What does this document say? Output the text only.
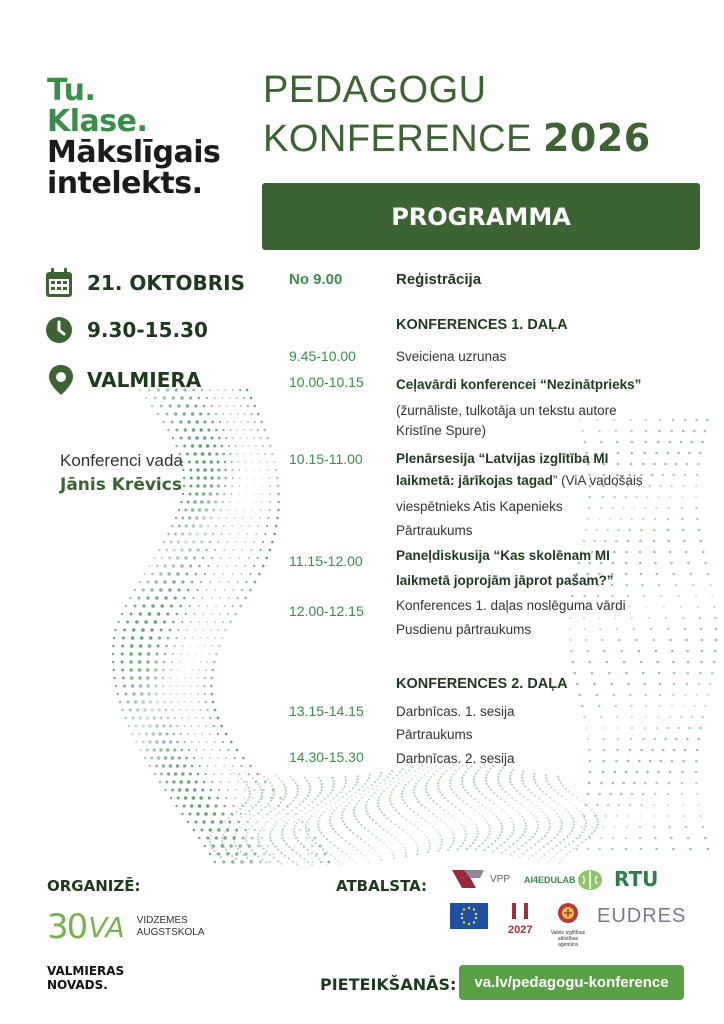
Tu.
Klase.
Mākslīgais
intelekts.
PEDAGOGU
KONFERENCE 2026
PROGRAMMA
21. OKTOBRIS
9.30-15.30
VALMIERA
Konferenci vada
Jānis Krēvics
No 9.00	Reģistrācija
KONFERENCES 1. DAĻA
9.45-10.00	Sveiciena uzrunas
10.00-10.15 Ceļavārdi konferencei “Nezinātprieks”
(žurnāliste, tulkotāja un tekstu autore
Kristīne Spure)
10.15-11.00 Plenārsesija “Latvijas izglītība MI
laikmetā: jārīkojas tagad” (ViA vadošais
viespētnieks Atis Kapenieks
Pārtraukums
11.15-12.00 Paneļdiskusija “Kas skolēnam MI
laikmetā joprojām jāprot pašam?”
12.00-12.15 Konferences 1. daļas noslēguma vārdi
Pusdienu pārtraukums
KONFERENCES 2. DAĻA
13.15-14.15 Darbnīcas. 1. sesija
Pārtraukums
14.30-15.30 Darbnīcas. 2. sesija
ORGANIZĒ:
30 VA VIDZEMES
AUGSTSKOLA
VALMIERAS
NOVADS.
ATBALSTA:	VPP AI4EDULAB RTU
2027	Valsts izglītības
attīstības aģentūra
EUDRES
PIETEIKŠANĀS:	va.lv/pedagogu-konference
